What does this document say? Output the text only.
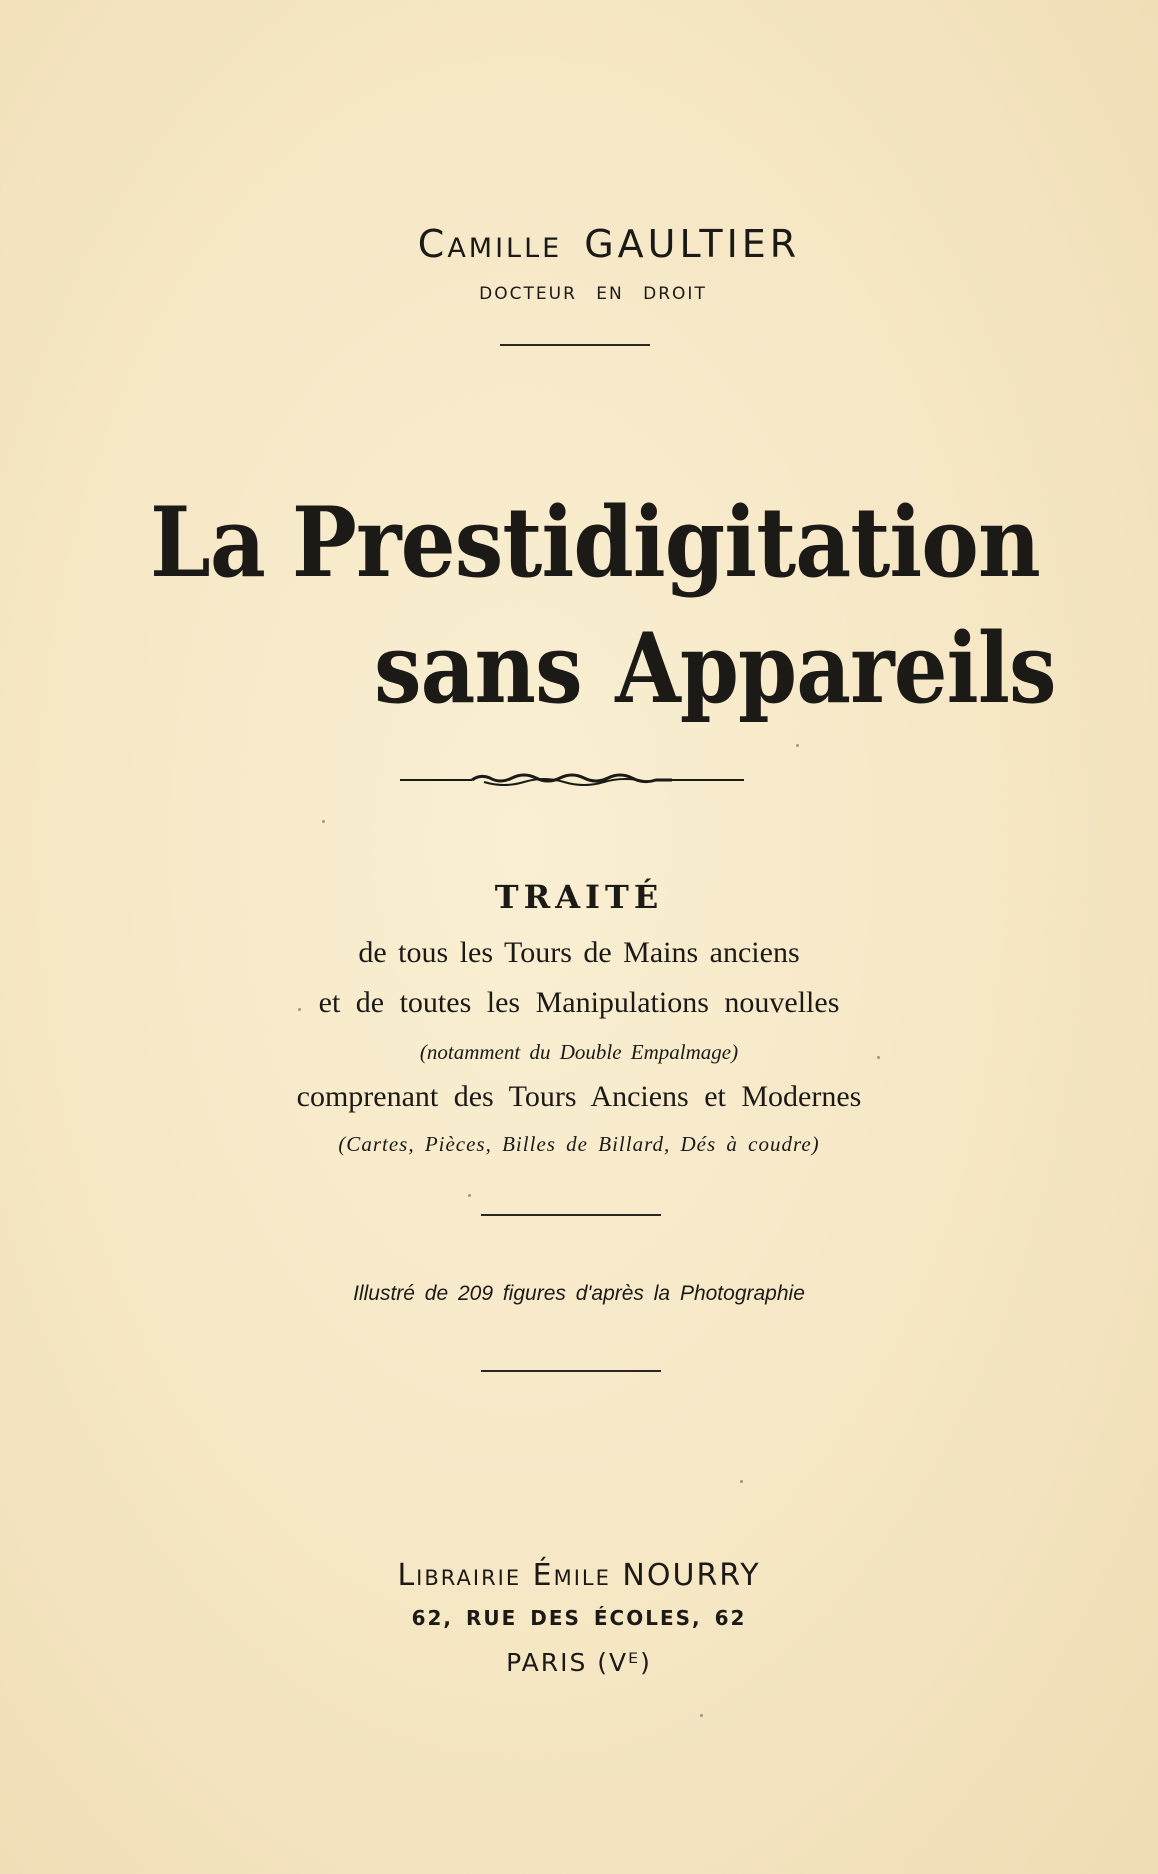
Camille GAULTIER
DOCTEUR EN DROIT
La Prestidigitation
sans Appareils
TRAITÉ
de tous les Tours de Mains anciens
et de toutes les Manipulations nouvelles
(notamment du Double Empalmage)
comprenant des Tours Anciens et Modernes
(Cartes, Pièces, Billes de Billard, Dés à coudre)
Illustré de 209 figures d'après la Photographie
Librairie Émile NOURRY
62, RUE DES ÉCOLES, 62
PARIS (Vᴱ)
